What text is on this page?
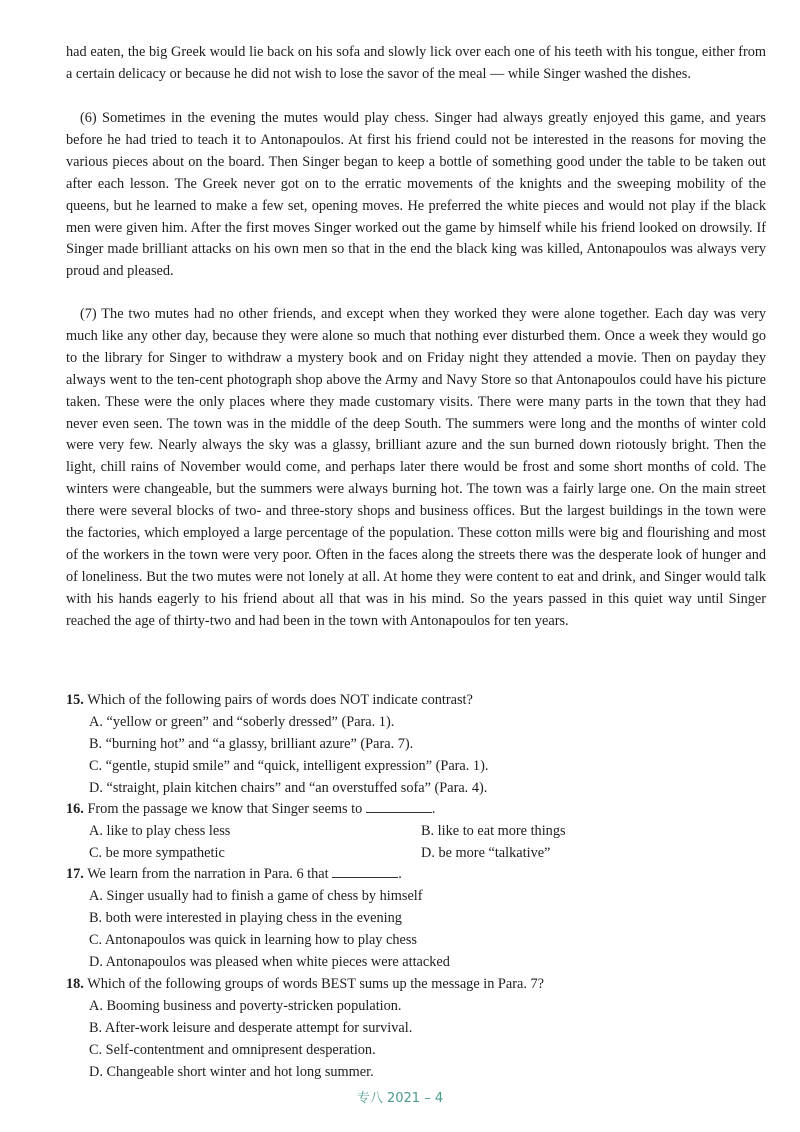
had eaten, the big Greek would lie back on his sofa and slowly lick over each one of his teeth with his tongue, either from a certain delicacy or because he did not wish to lose the savor of the meal — while Singer washed the dishes.

(6) Sometimes in the evening the mutes would play chess. Singer had always greatly enjoyed this game, and years before he had tried to teach it to Antonapoulos. At first his friend could not be interested in the reasons for moving the various pieces about on the board. Then Singer began to keep a bottle of something good under the table to be taken out after each lesson. The Greek never got on to the erratic movements of the knights and the sweeping mobility of the queens, but he learned to make a few set, opening moves. He preferred the white pieces and would not play if the black men were given him. After the first moves Singer worked out the game by himself while his friend looked on drowsily. If Singer made brilliant attacks on his own men so that in the end the black king was killed, Antonapoulos was always very proud and pleased.

(7) The two mutes had no other friends, and except when they worked they were alone together. Each day was very much like any other day, because they were alone so much that nothing ever disturbed them. Once a week they would go to the library for Singer to withdraw a mystery book and on Friday night they attended a movie. Then on payday they always went to the ten-cent photograph shop above the Army and Navy Store so that Antonapoulos could have his picture taken. These were the only places where they made customary visits. There were many parts in the town that they had never even seen. The town was in the middle of the deep South. The summers were long and the months of winter cold were very few. Nearly always the sky was a glassy, brilliant azure and the sun burned down riotously bright. Then the light, chill rains of November would come, and perhaps later there would be frost and some short months of cold. The winters were changeable, but the summers were always burning hot. The town was a fairly large one. On the main street there were several blocks of two- and three-story shops and business offices. But the largest buildings in the town were the factories, which employed a large percentage of the population. These cotton mills were big and flourishing and most of the workers in the town were very poor. Often in the faces along the streets there was the desperate look of hunger and of loneliness. But the two mutes were not lonely at all. At home they were content to eat and drink, and Singer would talk with his hands eagerly to his friend about all that was in his mind. So the years passed in this quiet way until Singer reached the age of thirty-two and had been in the town with Antonapoulos for ten years.

15. Which of the following pairs of words does NOT indicate contrast?
A. “yellow or green” and “soberly dressed” (Para. 1).
B. “burning hot” and “a glassy, brilliant azure” (Para. 7).
C. “gentle, stupid smile” and “quick, intelligent expression” (Para. 1).
D. “straight, plain kitchen chairs” and “an overstuffed sofa” (Para. 4).
16. From the passage we know that Singer seems to	.
A. like to play chess less	B. like to eat more things
C. be more sympathetic	D. be more “talkative”
17. We learn from the narration in Para. 6 that	.
A. Singer usually had to finish a game of chess by himself
B. both were interested in playing chess in the evening
C. Antonapoulos was quick in learning how to play chess
D. Antonapoulos was pleased when white pieces were attacked
18. Which of the following groups of words BEST sums up the message in Para. 7?
A. Booming business and poverty-stricken population.
B. After-work leisure and desperate attempt for survival.
C. Self-contentment and omnipresent desperation.
D. Changeable short winter and hot long summer.
专八 2021 – 4
